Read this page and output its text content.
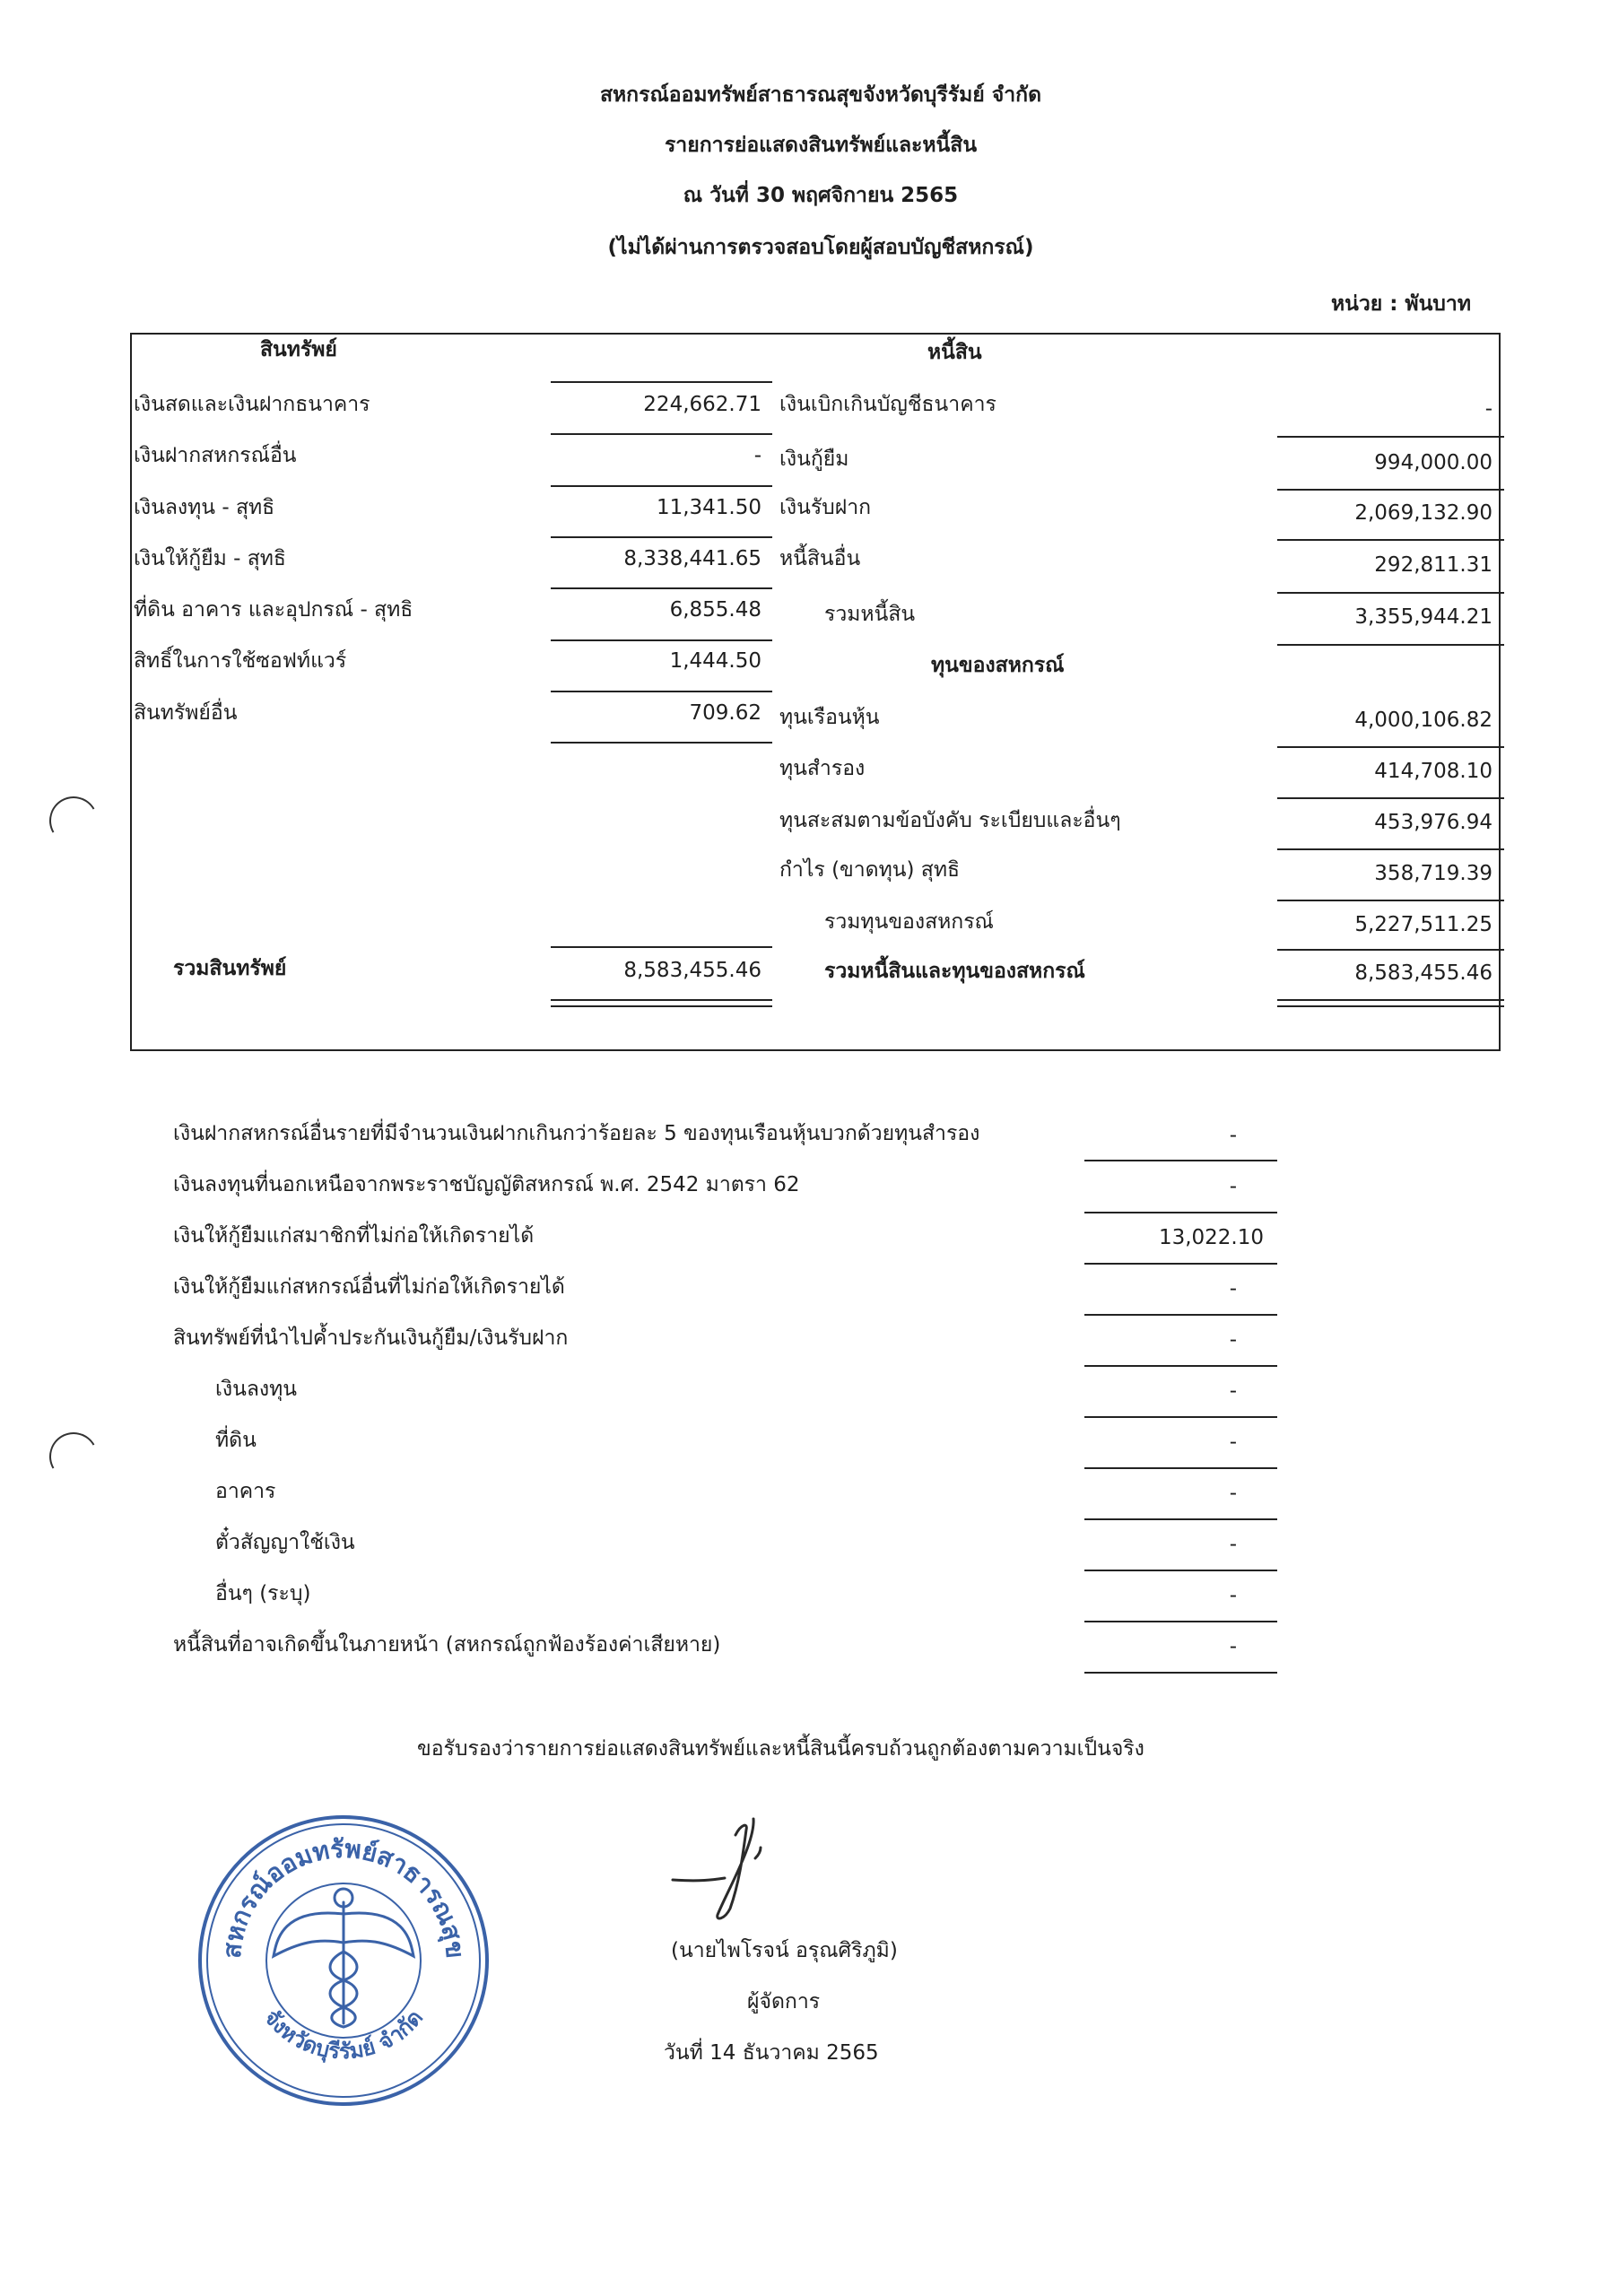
สหกรณ์ออมทรัพย์สาธารณสุขจังหวัดบุรีรัมย์ จำกัด
รายการย่อแสดงสินทรัพย์และหนี้สิน
ณ วันที่ 30 พฤศจิกายน 2565
(ไม่ได้ผ่านการตรวจสอบโดยผู้สอบบัญชีสหกรณ์)
หน่วย : พันบาท
สินทรัพย์	หนี้สิน
เงินสดและเงินฝากธนาคาร	224,662.71
เงินฝากสหกรณ์อื่น	-
เงินลงทุน - สุทธิ	11,341.50
เงินให้กู้ยืม - สุทธิ	8,338,441.65
ที่ดิน อาคาร และอุปกรณ์ - สุทธิ	6,855.48
สิทธิ์ในการใช้ซอฟท์แวร์	1,444.50
สินทรัพย์อื่น	709.62
รวมสินทรัพย์	8,583,455.46
เงินเบิกเกินบัญชีธนาคาร	-
เงินกู้ยืม	994,000.00
เงินรับฝาก	2,069,132.90
หนี้สินอื่น	292,811.31
รวมหนี้สิน	3,355,944.21
ทุนของสหกรณ์
ทุนเรือนหุ้น	4,000,106.82
ทุนสำรอง	414,708.10
ทุนสะสมตามข้อบังคับ ระเบียบและอื่นๆ	453,976.94
กำไร (ขาดทุน) สุทธิ	358,719.39
รวมทุนของสหกรณ์	5,227,511.25
รวมหนี้สินและทุนของสหกรณ์	8,583,455.46
เงินฝากสหกรณ์อื่นรายที่มีจำนวนเงินฝากเกินกว่าร้อยละ 5 ของทุนเรือนหุ้นบวกด้วยทุนสำรอง	-
เงินลงทุนที่นอกเหนือจากพระราชบัญญัติสหกรณ์ พ.ศ. 2542 มาตรา 62	-
เงินให้กู้ยืมแก่สมาชิกที่ไม่ก่อให้เกิดรายได้	13,022.10
เงินให้กู้ยืมแก่สหกรณ์อื่นที่ไม่ก่อให้เกิดรายได้	-
สินทรัพย์ที่นำไปค้ำประกันเงินกู้ยืม/เงินรับฝาก	-
เงินลงทุน	-
ที่ดิน	-
อาคาร	-
ตั๋วสัญญาใช้เงิน	-
อื่นๆ (ระบุ)	-
หนี้สินที่อาจเกิดขึ้นในภายหน้า (สหกรณ์ถูกฟ้องร้องค่าเสียหาย)	-
ขอรับรองว่ารายการย่อแสดงสินทรัพย์และหนี้สินนี้ครบถ้วนถูกต้องตามความเป็นจริง
(นายไพโรจน์ อรุณศิริภูมิ)
ผู้จัดการ
วันที่ 14 ธันวาคม 2565
สหกรณ์ออมทรัพย์สาธารณสุข
จังหวัดบุรีรัมย์ จำกัด
